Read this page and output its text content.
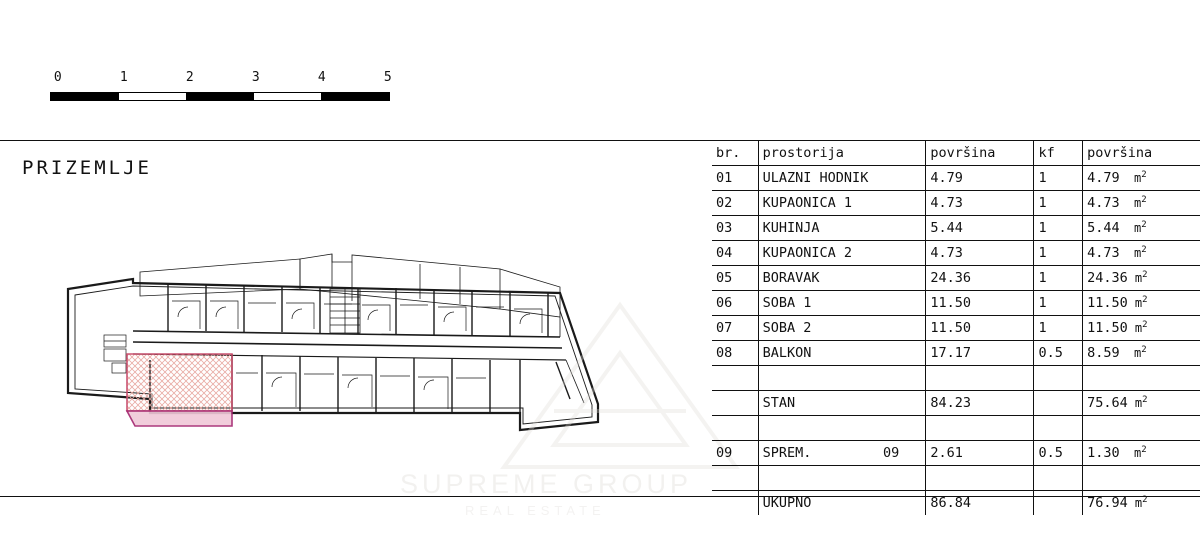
0	1	2	3	4	5
PRIZEMLJE
SUPREME GROUP
REAL ESTATE
br.	prostorija	površina	kf	površina
01	ULAZNI HODNIK	4.79	1	4.79  $m^2$
02	KUPAONICA 1	4.73	1	4.73  $m^2$
03	KUHINJA	5.44	1	5.44  $m^2$
04	KUPAONICA 2	4.73	1	4.73  $m^2$
05	BORAVAK	24.36	1	24.36 $m^2$
06	SOBA 1	11.50	1	11.50 $m^2$
07	SOBA 2	11.50	1	11.50 $m^2$
08	BALKON	17.17	0.5	8.59  $m^2$

	STAN	84.23		75.64 $m^2$

09	SPREM. 09	2.61	0.5	1.30  $m^2$

	UKUPNO	86.84		76.94 $m^2$
